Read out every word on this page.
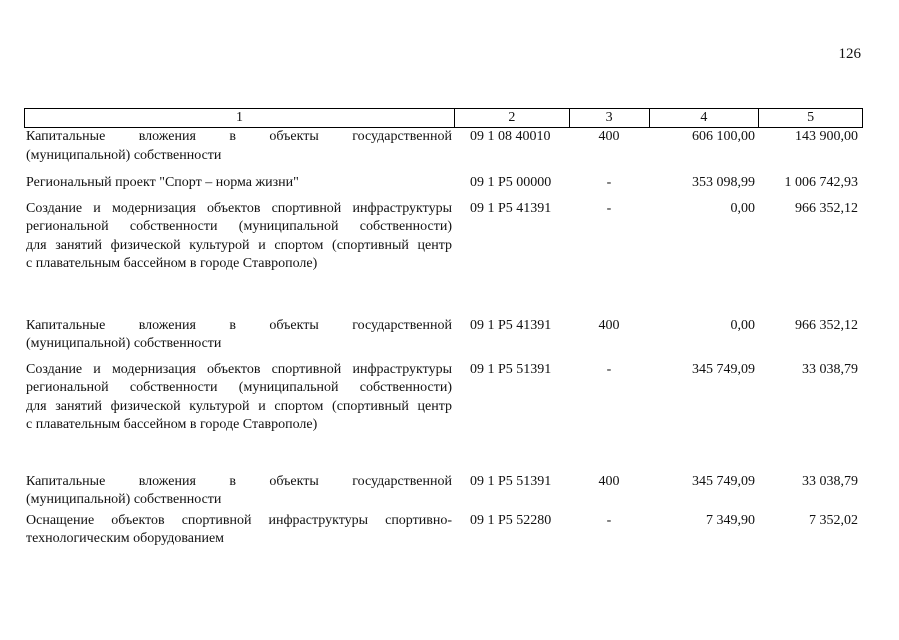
126
1	2	3	4	5
Капитальные вложения в объекты государственной
(муниципальной) собственности
09 1 08 40010	400	606 100,00	143 900,00
Региональный проект "Спорт – норма жизни"	09 1 P5 00000	-	353 098,99	1 006 742,93
Создание и модернизация объектов спортивной инфраструктуры
региональной собственности (муниципальной собственности)
для занятий физической культурой и спортом (спортивный центр
с плавательным бассейном в городе Ставрополе)
09 1 P5 41391	-	0,00	966 352,12
Капитальные вложения в объекты государственной
(муниципальной) собственности
09 1 P5 41391	400	0,00	966 352,12
Создание и модернизация объектов спортивной инфраструктуры
региональной собственности (муниципальной собственности)
для занятий физической культурой и спортом (спортивный центр
с плавательным бассейном в городе Ставрополе)
09 1 P5 51391	-	345 749,09	33 038,79
Капитальные вложения в объекты государственной
(муниципальной) собственности
09 1 P5 51391	400	345 749,09	33 038,79
Оснащение объектов спортивной инфраструктуры спортивно-
технологическим оборудованием
09 1 P5 52280	-	7 349,90	7 352,02
